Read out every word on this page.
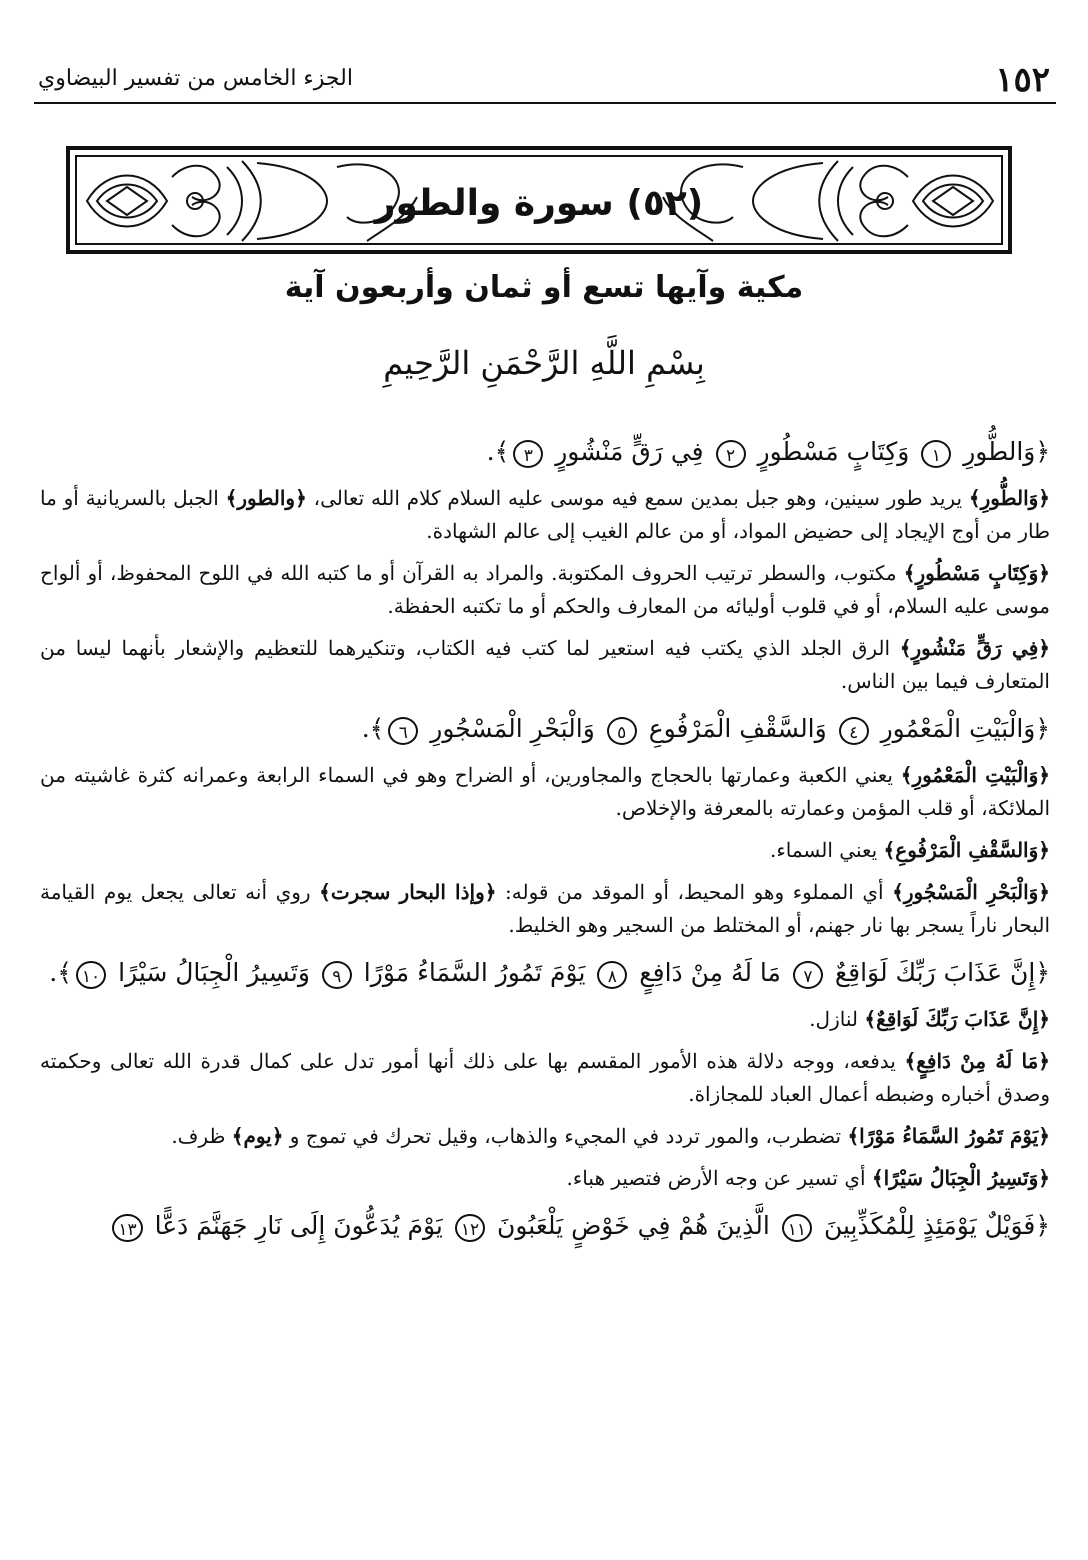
الجزء الخامس من تفسير البيضاوي	١٥٢
(٥٢) سورة والطور
مكية وآيها تسع أو ثمان وأربعون آية
بِسْمِ اللَّهِ الرَّحْمَنِ الرَّحِيمِ

﴿وَالطُّورِ ١ وَكِتَابٍ مَسْطُورٍ ٢ فِي رَقٍّ مَنْشُورٍ ٣﴾.

﴿وَالطُّورِ﴾ يريد طور سينين، وهو جبل بمدين سمع فيه موسى عليه السلام كلام الله تعالى، ﴿والطور﴾ الجبل بالسريانية أو ما طار من أوج الإيجاد إلى حضيض المواد، أو من عالم الغيب إلى عالم الشهادة.

﴿وَكِتَابٍ مَسْطُورٍ﴾ مكتوب، والسطر ترتيب الحروف المكتوبة. والمراد به القرآن أو ما كتبه الله في اللوح المحفوظ، أو ألواح موسى عليه السلام، أو في قلوب أوليائه من المعارف والحكم أو ما تكتبه الحفظة.

﴿فِي رَقٍّ مَنْشُورٍ﴾ الرق الجلد الذي يكتب فيه استعير لما كتب فيه الكتاب، وتنكيرهما للتعظيم والإشعار بأنهما ليسا من المتعارف فيما بين الناس.

﴿وَالْبَيْتِ الْمَعْمُورِ ٤ وَالسَّقْفِ الْمَرْفُوعِ ٥ وَالْبَحْرِ الْمَسْجُورِ ٦﴾.

﴿وَالْبَيْتِ الْمَعْمُورِ﴾ يعني الكعبة وعمارتها بالحجاج والمجاورين، أو الضراح وهو في السماء الرابعة وعمرانه كثرة غاشيته من الملائكة، أو قلب المؤمن وعمارته بالمعرفة والإخلاص.

﴿وَالسَّقْفِ الْمَرْفُوعِ﴾ يعني السماء.

﴿وَالْبَحْرِ الْمَسْجُورِ﴾ أي المملوء وهو المحيط، أو الموقد من قوله: ﴿وإذا البحار سجرت﴾ روي أنه تعالى يجعل يوم القيامة البحار ناراً يسجر بها نار جهنم، أو المختلط من السجير وهو الخليط.

﴿إِنَّ عَذَابَ رَبِّكَ لَوَاقِعٌ ٧ مَا لَهُ مِنْ دَافِعٍ ٨ يَوْمَ تَمُورُ السَّمَاءُ مَوْرًا ٩ وَتَسِيرُ الْجِبَالُ سَيْرًا ١٠﴾.

﴿إِنَّ عَذَابَ رَبِّكَ لَوَاقِعٌ﴾ لنازل.

﴿مَا لَهُ مِنْ دَافِعٍ﴾ يدفعه، ووجه دلالة هذه الأمور المقسم بها على ذلك أنها أمور تدل على كمال قدرة الله تعالى وحكمته وصدق أخباره وضبطه أعمال العباد للمجازاة.

﴿يَوْمَ تَمُورُ السَّمَاءُ مَوْرًا﴾ تضطرب، والمور تردد في المجيء والذهاب، وقيل تحرك في تموج و ﴿يوم﴾ ظرف.

﴿وَتَسِيرُ الْجِبَالُ سَيْرًا﴾ أي تسير عن وجه الأرض فتصير هباء.

﴿فَوَيْلٌ يَوْمَئِذٍ لِلْمُكَذِّبِينَ ١١ الَّذِينَ هُمْ فِي خَوْضٍ يَلْعَبُونَ ١٢ يَوْمَ يُدَعُّونَ إِلَى نَارِ جَهَنَّمَ دَعًّا ١٣
